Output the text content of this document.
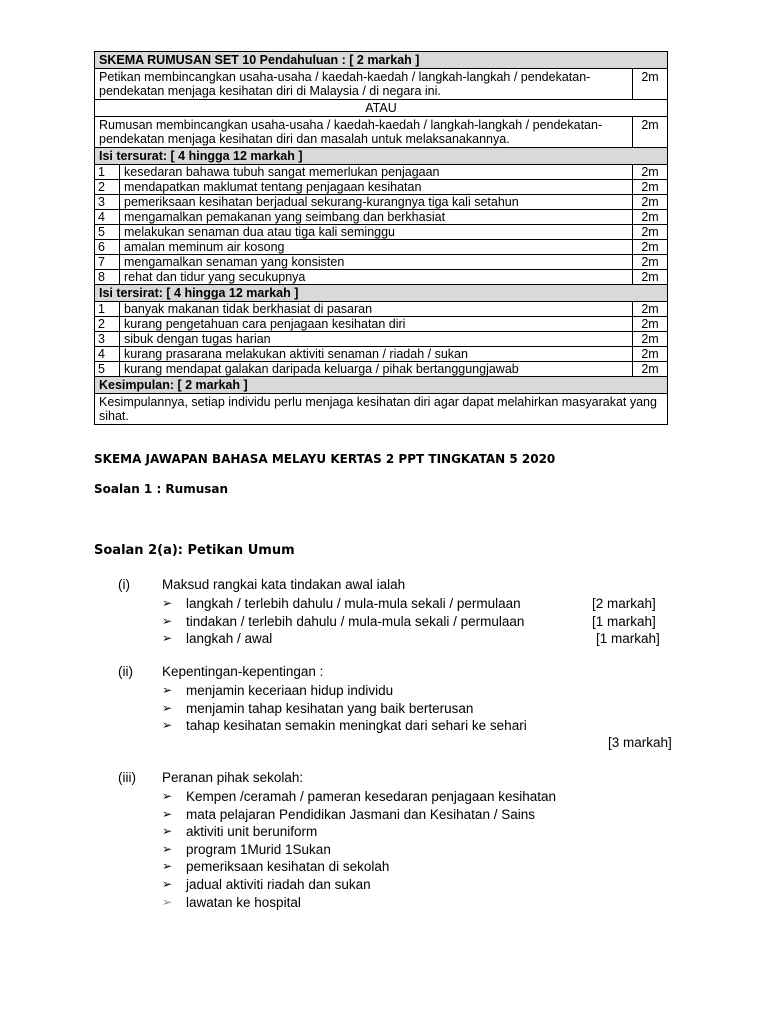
SKEMA RUMUSAN SET 10 Pendahuluan : [ 2 markah ]		
Petikan membincangkan usaha-usaha / kaedah-kaedah / langkah-langkah / pendekatan- pendekatan menjaga kesihatan diri di Malaysia / di negara ini.		2m
ATAU		
Rumusan membincangkan usaha-usaha / kaedah-kaedah / langkah-langkah / pendekatan-pendekatan menjaga kesihatan diri dan masalah untuk melaksanakannya.		2m
Isi tersurat: [ 4 hingga 12 markah ]		
1	kesedaran bahawa tubuh sangat memerlukan penjagaan	2m
2	mendapatkan maklumat tentang penjagaan kesihatan	2m
3	pemeriksaan kesihatan berjadual sekurang-kurangnya tiga kali setahun	2m
4	mengamalkan pemakanan yang seimbang dan berkhasiat	2m
5	melakukan senaman dua atau tiga kali seminggu	2m
6	amalan meminum air kosong	2m
7	mengamalkan senaman yang konsisten	2m
8	rehat dan tidur yang secukupnya	2m
Isi tersirat: [ 4 hingga 12 markah ]		
1	banyak makanan tidak berkhasiat di pasaran	2m
2	kurang pengetahuan cara penjagaan kesihatan diri	2m
3	sibuk dengan tugas harian	2m
4	kurang prasarana melakukan aktiviti senaman / riadah / sukan	2m
5	kurang mendapat galakan daripada keluarga / pihak bertanggungjawab	2m
Kesimpulan: [ 2 markah ]		
Kesimpulannya, setiap individu perlu menjaga kesihatan diri agar dapat melahirkan masyarakat yang sihat.		
SKEMA JAWAPAN BAHASA MELAYU KERTAS 2 PPT TINGKATAN 5 2020
Soalan 1 : Rumusan
Soalan 2(a): Petikan Umum
(i) Maksud rangkai kata tindakan awal ialah
➢ langkah / terlebih dahulu / mula-mula sekali / permulaan	[2 markah]
➢ tindakan / terlebih dahulu / mula-mula sekali / permulaan	[1 markah]
➢ langkah / awal	[1 markah]
(ii) Kepentingan-kepentingan :
➢ menjamin keceriaan hidup individu
➢ menjamin tahap kesihatan yang baik berterusan
➢ tahap kesihatan semakin meningkat dari sehari ke sehari
[3 markah]
(iii) Peranan pihak sekolah:
➢ Kempen /ceramah / pameran kesedaran penjagaan kesihatan
➢ mata pelajaran Pendidikan Jasmani dan Kesihatan / Sains
➢ aktiviti unit beruniform
➢ program 1Murid 1Sukan
➢ pemeriksaan kesihatan di sekolah
➢ jadual aktiviti riadah dan sukan
➢ lawatan ke hospital
